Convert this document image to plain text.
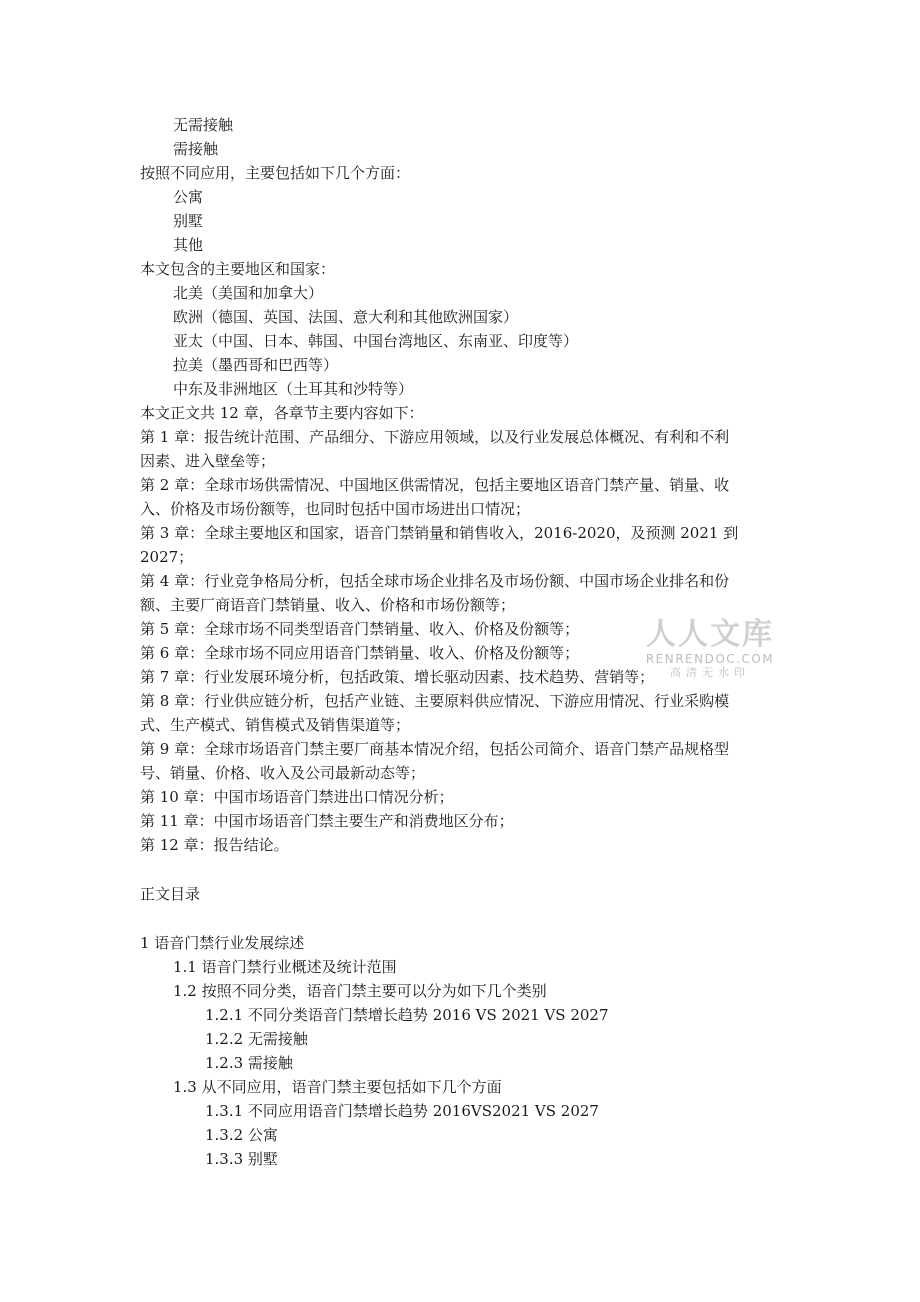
无需接触
需接触
按照不同应用，主要包括如下几个方面：
公寓
别墅
其他
本文包含的主要地区和国家：
北美（美国和加拿大）
欧洲（德国、英国、法国、意大利和其他欧洲国家）
亚太（中国、日本、韩国、中国台湾地区、东南亚、印度等）
拉美（墨西哥和巴西等）
中东及非洲地区（土耳其和沙特等）
本文正文共 12 章，各章节主要内容如下：
第 1 章：报告统计范围、产品细分、下游应用领域，以及行业发展总体概况、有利和不利
因素、进入壁垒等；
第 2 章：全球市场供需情况、中国地区供需情况，包括主要地区语音门禁产量、销量、收
入、价格及市场份额等，也同时包括中国市场进出口情况；
第 3 章：全球主要地区和国家，语音门禁销量和销售收入，2016-2020，及预测 2021 到
2027；
第 4 章：行业竞争格局分析，包括全球市场企业排名及市场份额、中国市场企业排名和份
额、主要厂商语音门禁销量、收入、价格和市场份额等；
第 5 章：全球市场不同类型语音门禁销量、收入、价格及份额等；
第 6 章：全球市场不同应用语音门禁销量、收入、价格及份额等；
第 7 章：行业发展环境分析，包括政策、增长驱动因素、技术趋势、营销等；
第 8 章：行业供应链分析，包括产业链、主要原料供应情况、下游应用情况、行业采购模
式、生产模式、销售模式及销售渠道等；
第 9 章：全球市场语音门禁主要厂商基本情况介绍，包括公司简介、语音门禁产品规格型
号、销量、价格、收入及公司最新动态等；
第 10 章：中国市场语音门禁进出口情况分析；
第 11 章：中国市场语音门禁主要生产和消费地区分布；
第 12 章：报告结论。
正文目录
1 语音门禁行业发展综述
1.1 语音门禁行业概述及统计范围
1.2 按照不同分类，语音门禁主要可以分为如下几个类别
1.2.1 不同分类语音门禁增长趋势 2016 VS 2021 VS 2027
1.2.2 无需接触
1.2.3 需接触
1.3 从不同应用，语音门禁主要包括如下几个方面
1.3.1 不同应用语音门禁增长趋势 2016VS2021 VS 2027
1.3.2 公寓
1.3.3 别墅
人人文库
RENRENDOC.COM
高清无水印
